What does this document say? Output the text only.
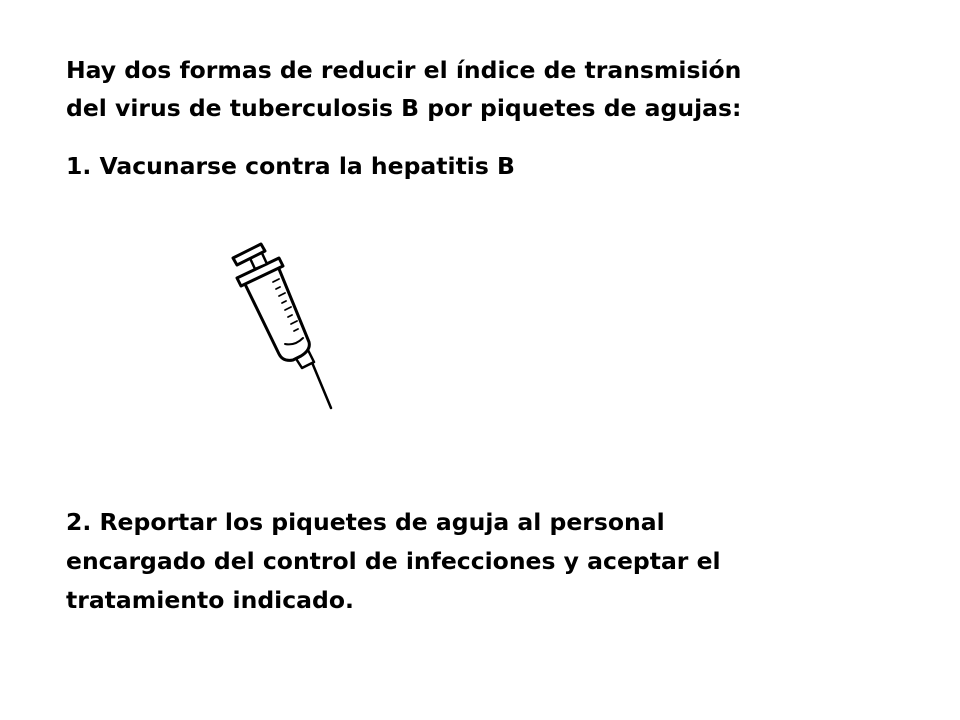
Hay dos formas de reducir el índice de transmisión
del virus de tuberculosis B por piquetes de agujas:
1. Vacunarse contra la hepatitis B
2. Reportar los piquetes de aguja al personal
encargado del control de infecciones y aceptar el
tratamiento indicado.
